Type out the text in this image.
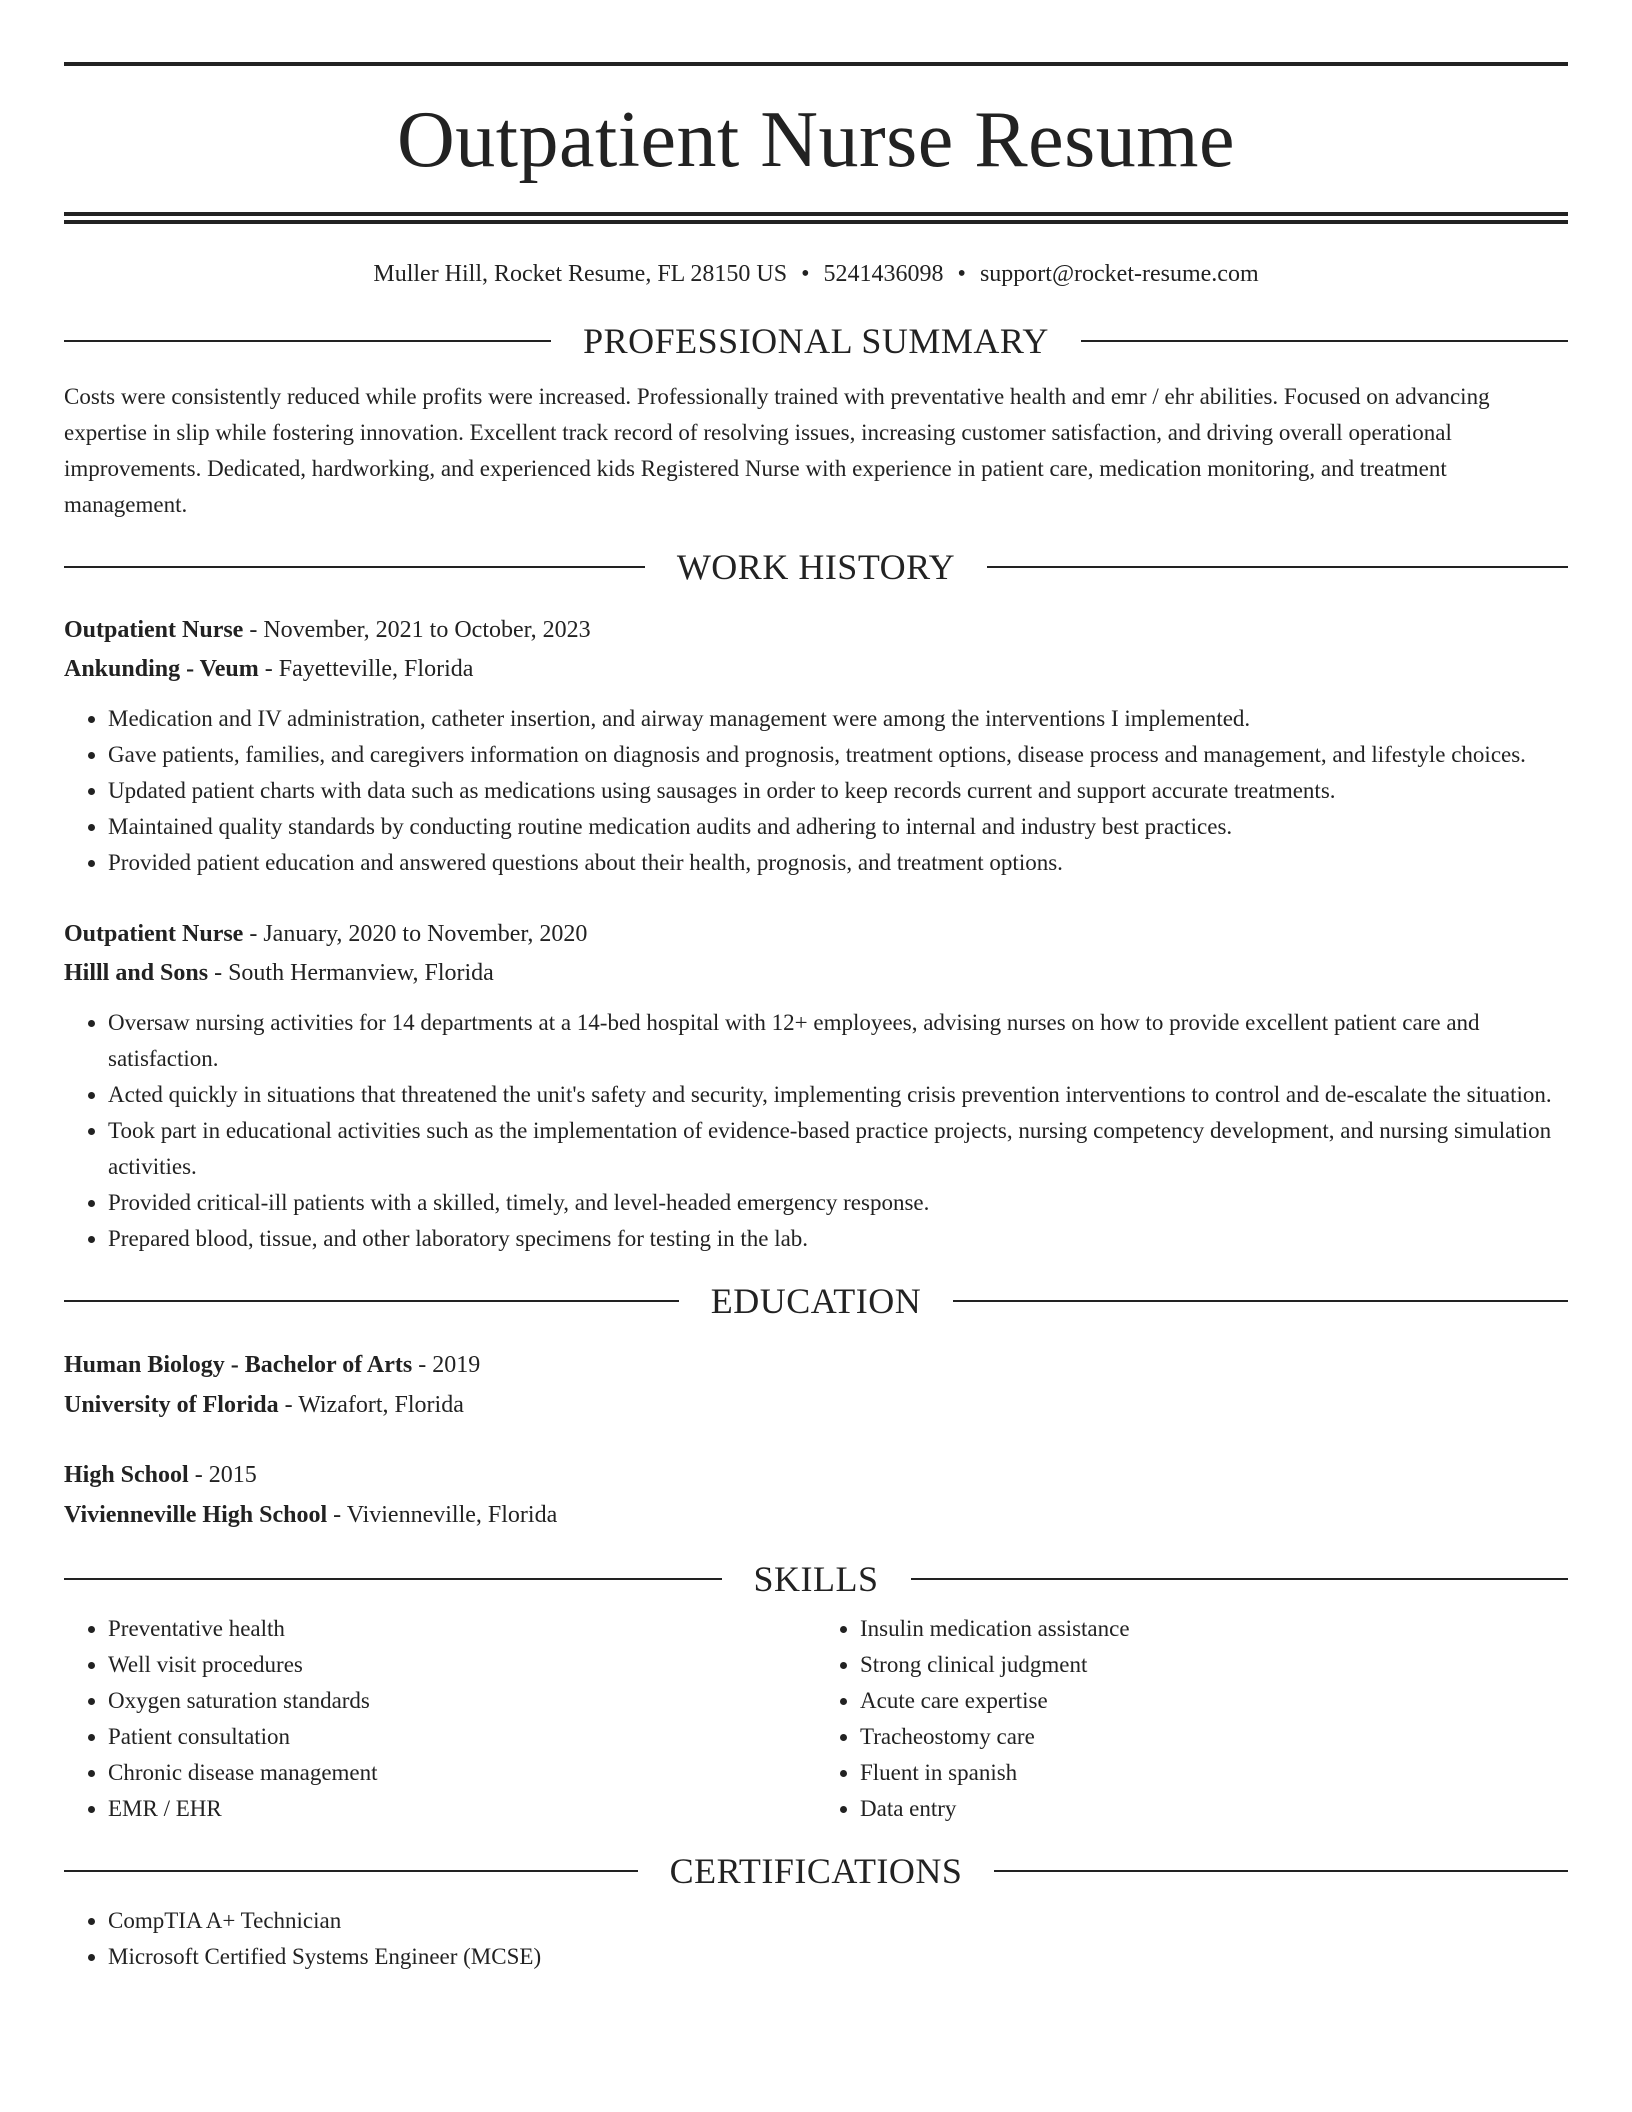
Outpatient Nurse Resume
Muller Hill, Rocket Resume, FL 28150 US • 5241436098 • support@rocket-resume.com
PROFESSIONAL SUMMARY

Costs were consistently reduced while profits were increased. Professionally trained with preventative health and emr / ehr abilities. Focused on advancing expertise in slip while fostering innovation. Excellent track record of resolving issues, increasing customer satisfaction, and driving overall operational improvements. Dedicated, hardworking, and experienced kids Registered Nurse with experience in patient care, medication monitoring, and treatment management.

WORK HISTORY
Outpatient Nurse - November, 2021 to October, 2023
Ankunding - Veum - Fayetteville, Florida
• Medication and IV administration, catheter insertion, and airway management were among the interventions I implemented.
• Gave patients, families, and caregivers information on diagnosis and prognosis, treatment options, disease process and management, and lifestyle choices.
• Updated patient charts with data such as medications using sausages in order to keep records current and support accurate treatments.
• Maintained quality standards by conducting routine medication audits and adhering to internal and industry best practices.
• Provided patient education and answered questions about their health, prognosis, and treatment options.
Outpatient Nurse - January, 2020 to November, 2020
Hilll and Sons - South Hermanview, Florida
• Oversaw nursing activities for 14 departments at a 14-bed hospital with 12+ employees, advising nurses on how to provide excellent patient care and satisfaction.
• Acted quickly in situations that threatened the unit's safety and security, implementing crisis prevention interventions to control and de-escalate the situation.
• Took part in educational activities such as the implementation of evidence-based practice projects, nursing competency development, and nursing simulation activities.
• Provided critical-ill patients with a skilled, timely, and level-headed emergency response.
• Prepared blood, tissue, and other laboratory specimens for testing in the lab.
EDUCATION
Human Biology - Bachelor of Arts - 2019
University of Florida - Wizafort, Florida
High School - 2015
Vivienneville High School - Vivienneville, Florida
SKILLS
• Preventative health
• Well visit procedures
• Oxygen saturation standards
• Patient consultation
• Chronic disease management
• EMR / EHR
• Insulin medication assistance
• Strong clinical judgment
• Acute care expertise
• Tracheostomy care
• Fluent in spanish
• Data entry
CERTIFICATIONS
• CompTIA A+ Technician
• Microsoft Certified Systems Engineer (MCSE)
